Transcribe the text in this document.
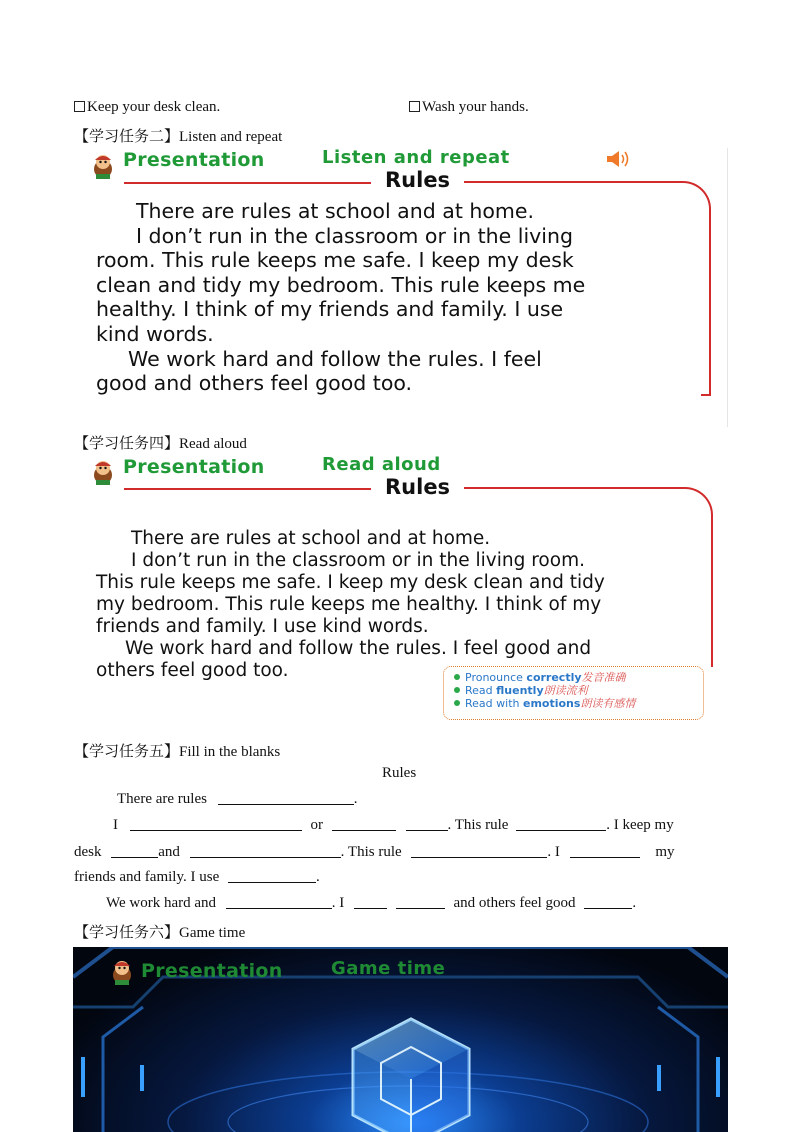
Keep your desk clean.	Wash your hands.
【学习任务二】Listen and repeat
Presentation	Listen and repeat
Rules

There are rules at school and at home.

I don’t run in the classroom or in the living

room. This rule keeps me safe. I keep my desk

clean and tidy my bedroom. This rule keeps me

healthy. I think of my friends and family. I use

kind words.

We work hard and follow the rules. I feel

good and others feel good too.

【学习任务四】Read aloud
Presentation	Read aloud
Rules

There are rules at school and at home.

I don’t run in the classroom or in the living room.

This rule keeps me safe. I keep my desk clean and tidy

my bedroom. This rule keeps me healthy. I think of my

friends and family. I use kind words.

We work hard and follow the rules. I feel good and

others feel good too.	Pronounce correctly发音准确
Read fluently朗读流利
Read with emotions朗读有感情
【学习任务五】Fill in the blanks
Rules
There are rules	.
I	or	. This rule	. I keep my
desk	and	. This rule	. I	my
friends and family. I use	.
We work hard and	. I	and others feel good	.
【学习任务六】Game time
Presentation	Game time
